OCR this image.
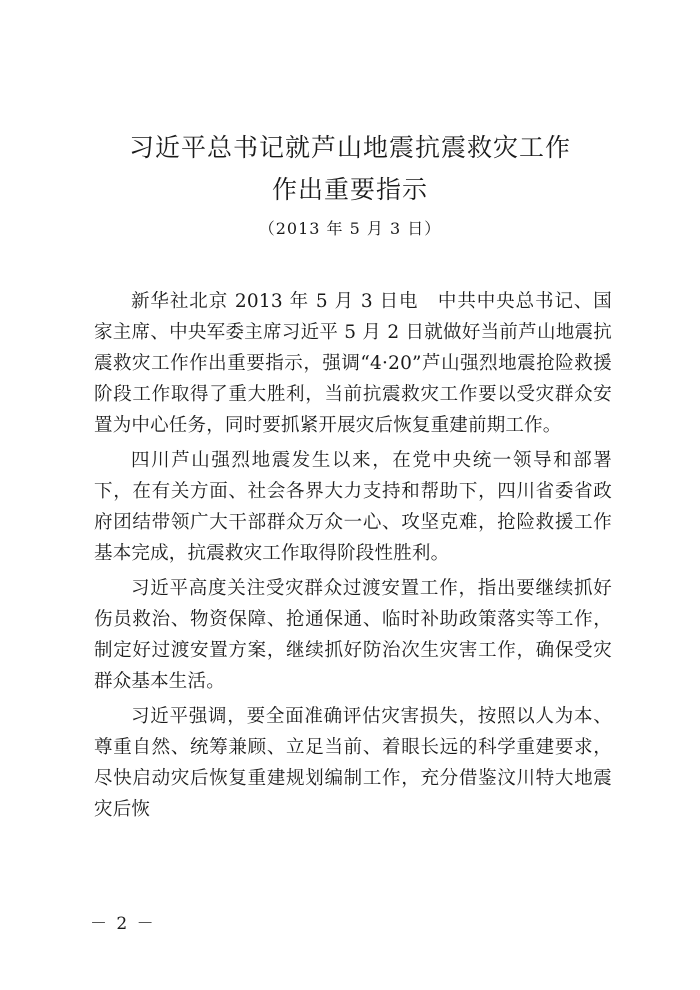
习近平总书记就芦山地震抗震救灾工作
作出重要指示
（2013 年 5 月 3 日）

新华社北京 2013 年 5 月 3 日电　中共中央总书记、国家主席、中央军委主席习近平 5 月 2 日就做好当前芦山地震抗震救灾工作作出重要指示，强调“4·20”芦山强烈地震抢险救援阶段工作取得了重大胜利，当前抗震救灾工作要以受灾群众安置为中心任务，同时要抓紧开展灾后恢复重建前期工作。

四川芦山强烈地震发生以来，在党中央统一领导和部署下，在有关方面、社会各界大力支持和帮助下，四川省委省政府团结带领广大干部群众万众一心、攻坚克难，抢险救援工作基本完成，抗震救灾工作取得阶段性胜利。

习近平高度关注受灾群众过渡安置工作，指出要继续抓好伤员救治、物资保障、抢通保通、临时补助政策落实等工作，制定好过渡安置方案，继续抓好防治次生灾害工作，确保受灾群众基本生活。

习近平强调，要全面准确评估灾害损失，按照以人为本、尊重自然、统筹兼顾、立足当前、着眼长远的科学重建要求，尽快启动灾后恢复重建规划编制工作，充分借鉴汶川特大地震灾后恢

－ 2 －
